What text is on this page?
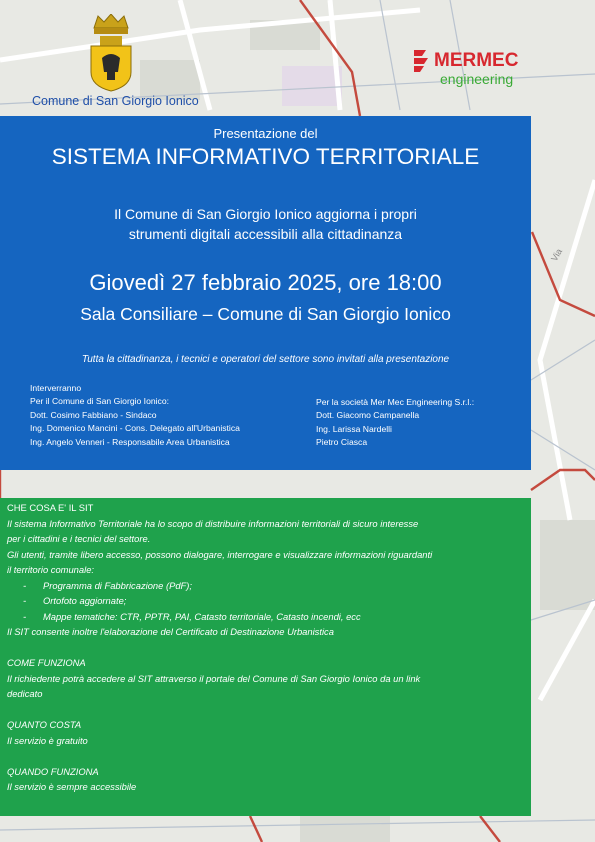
Via
Comune di San Giorgio Ionico
MERMEC
engineering
Presentazione del
SISTEMA INFORMATIVO TERRITORIALE
Il Comune di San Giorgio Ionico aggiorna i propri
strumenti digitali accessibili alla cittadinanza
Giovedì 27 febbraio 2025, ore 18:00
Sala Consiliare – Comune di San Giorgio Ionico
Tutta la cittadinanza, i tecnici e operatori del settore sono invitati alla presentazione
Interverranno
Per il Comune di San Giorgio Ionico:
Dott. Cosimo Fabbiano - Sindaco
Ing. Domenico Mancini - Cons. Delegato all'Urbanistica
Ing. Angelo Venneri - Responsabile Area Urbanistica
Per la società Mer Mec Engineering S.r.l.:
Dott. Giacomo Campanella
Ing. Larissa Nardelli
Pietro Ciasca
CHE COSA E' IL SIT
Il sistema Informativo Territoriale ha lo scopo di distribuire informazioni territoriali di sicuro interesse
per i cittadini e i tecnici del settore.
Gli utenti, tramite libero accesso, possono dialogare, interrogare e visualizzare informazioni riguardanti
il territorio comunale:
- Programma di Fabbricazione (PdF);
- Ortofoto aggiornate;
- Mappe tematiche: CTR, PPTR, PAI, Catasto territoriale, Catasto incendi, ecc
Il SIT consente inoltre l'elaborazione del Certificato di Destinazione Urbanistica
COME FUNZIONA
Il richiedente potrà accedere al SIT attraverso il portale del Comune di San Giorgio Ionico da un link
dedicato
QUANTO COSTA
Il servizio è gratuito
QUANDO FUNZIONA
Il servizio è sempre accessibile
